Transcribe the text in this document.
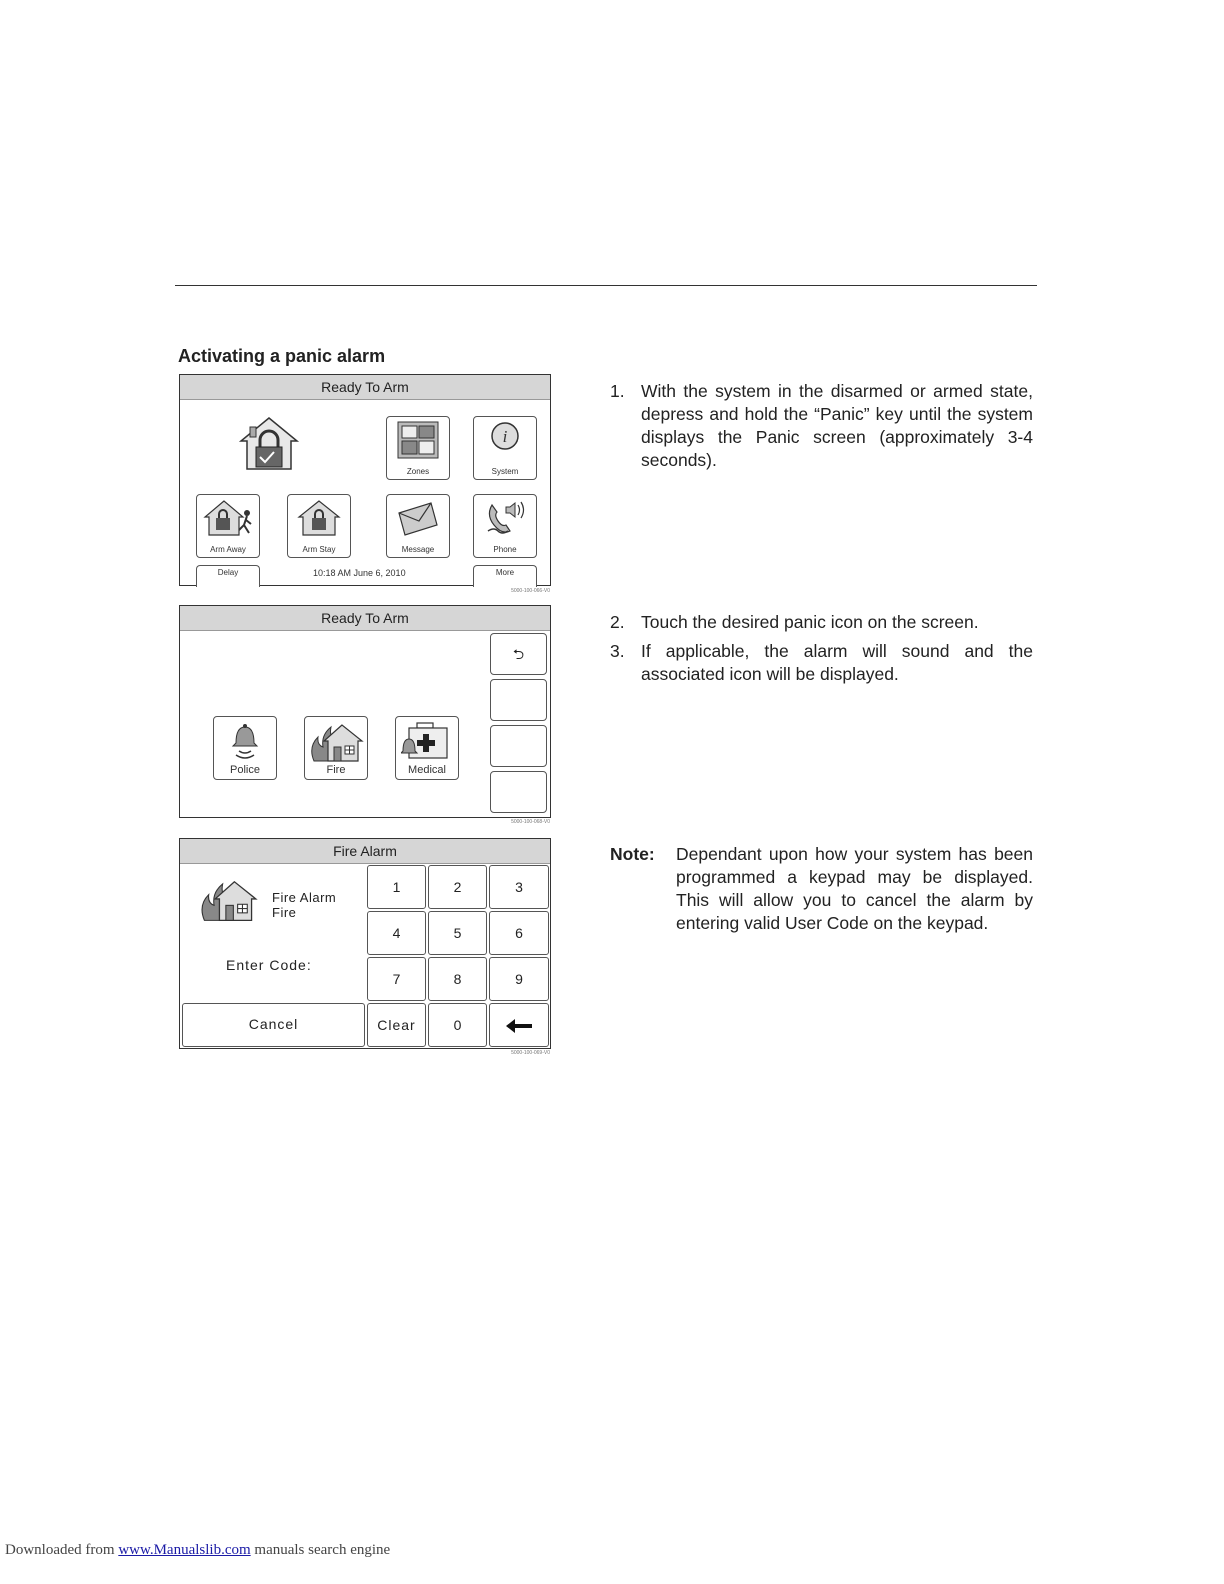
Activating a panic alarm
Ready To Arm
Zones
i
System
Arm Away	Arm Stay	Message	Phone
Delay	10:18 AM June 6, 2010	More
5000-100-066-V0
Ready To Arm
⮌
Police	Fire	Medical
5000-100-068-V0
Fire Alarm
Fire Alarm
Fire
Enter Code:
Cancel
1	2	3
4	5	6
7	8	9
Clear	0
5000-100-069-V0
1. With the system in the disarmed or armed state, depress and hold the “Panic” key until the system displays the Panic screen (approximately 3-4 seconds).
2. Touch the desired panic icon on the screen.
3. If applicable, the alarm will sound and the associated icon will be displayed.
Note: Dependant upon how your system has been programmed a keypad may be displayed. This will allow you to cancel the alarm by entering valid User Code on the keypad.
Downloaded from www.Manualslib.com manuals search engine
